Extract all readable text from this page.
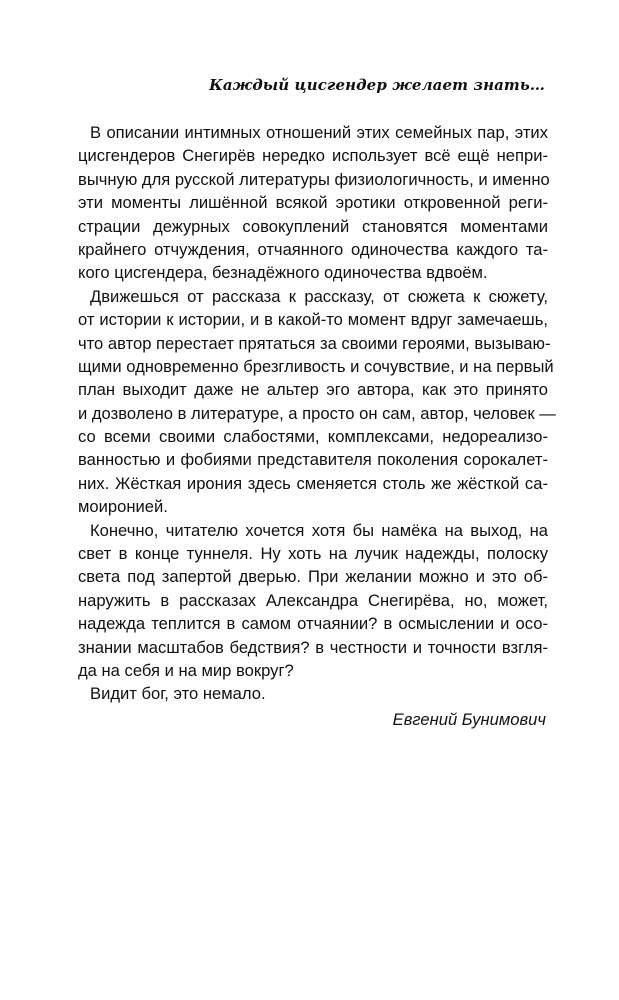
Каждый цисгендер желает знать…
В описании интимных отношений этих семейных пар, этих
цисгендеров Снегирёв нередко использует всё ещё непри-
вычную для русской литературы физиологичность, и именно
эти моменты лишённой всякой эротики откровенной реги-
страции дежурных совокуплений становятся моментами
крайнего отчуждения, отчаянного одиночества каждого та-
кого цисгендера, безнадёжного одиночества вдвоём.
Движешься от рассказа к рассказу, от сюжета к сюжету,
от истории к истории, и в какой-то момент вдруг замечаешь,
что автор перестает прятаться за своими героями, вызываю-
щими одновременно брезгливость и сочувствие, и на первый
план выходит даже не альтер эго автора, как это принято
и дозволено в литературе, а просто он сам, автор, человек —
со всеми своими слабостями, комплексами, недореализо-
ванностью и фобиями представителя поколения сорокалет-
них. Жёсткая ирония здесь сменяется столь же жёсткой са-
моиронией.
Конечно, читателю хочется хотя бы намёка на выход, на
свет в конце туннеля. Ну хоть на лучик надежды, полоску
света под запертой дверью. При желании можно и это об-
наружить в рассказах Александра Снегирёва, но, может,
надежда теплится в самом отчаянии? в осмыслении и осо-
знании масштабов бедствия? в честности и точности взгля-
да на себя и на мир вокруг?
Видит бог, это немало.
Евгений Бунимович
